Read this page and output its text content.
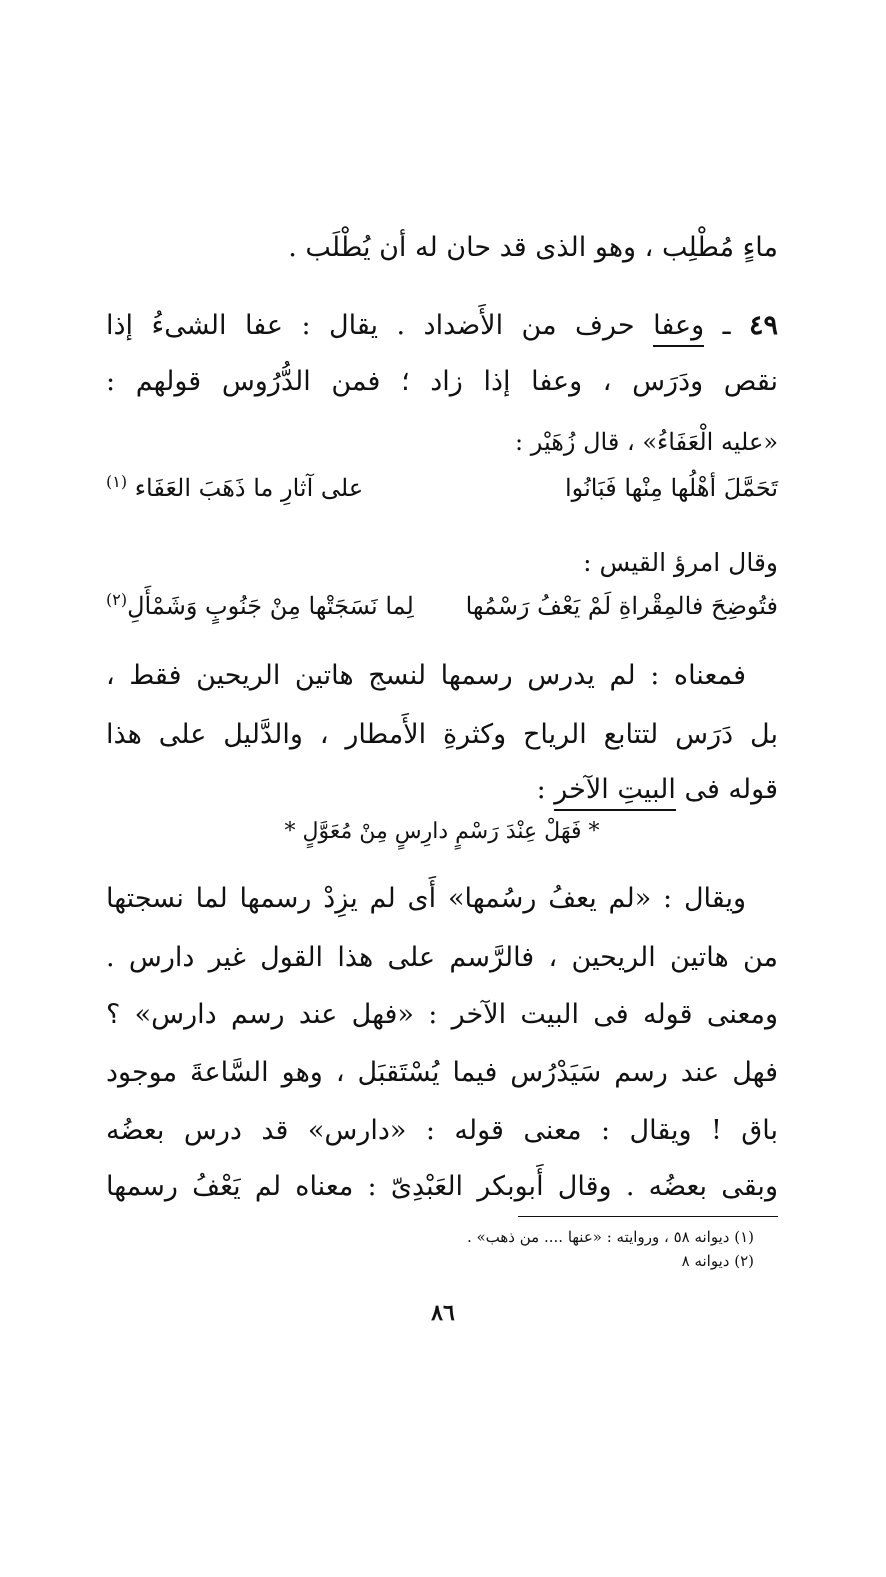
ماءٍ مُطْلِب ، وهو الذى قد حان له أن يُطْلَب .
٤٩ ـ وعفا حرف من الأَضداد . يقال : عفا الشىءُ إذا
نقص ودَرَس ، وعفا إذا زاد ؛ فمن الدُّرُوس قولهم :
«عليه الْعَفَاءُ» ، قال زُهَيْر :
تَحَمَّلَ أهْلُها مِنْها فَبَانُوا
على آثارِ ما ذَهَبَ العَفَاء $^{(١)}$
وقال امرؤ القيس :
فتُوضِحَ فالمِقْراةِ لَمْ يَعْفُ رَسْمُها
لِما نَسَجَتْها مِنْ جَنُوبٍ وَشَمْأَلِ$^{(٢)}$
فمعناه : لم يدرس رسمها لنسج هاتين الريحين فقط ،
بل دَرَس لتتابع الرياح وكثرةِ الأَمطار ، والدَّليل على هذا
قوله فى البيتِ الآخر :
* فَهَلْ عِنْدَ رَسْمٍ دارِسٍ مِنْ مُعَوَّلٍ *
ويقال : «لم يعفُ رسُمها» أَى لم يزِدْ رسمها لما نسجتها
من هاتين الريحين ، فالرَّسم على هذا القول غير دارس .
ومعنى قوله فى البيت الآخر : «فهل عند رسم دارس» ؟
فهل عند رسم سَيَدْرُس فيما يُسْتَقبَل ، وهو السَّاعةَ موجود
باق ! ويقال : معنى قوله : «دارس» قد درس بعضُه
وبقى بعضُه . وقال أَبوبكر العَبْدِىّ : معناه لم يَعْفُ رسمها
(١) ديوانه ٥٨ ، وروايته : «عنها .... من ذهب» .
(٢) ديوانه ٨
٨٦
